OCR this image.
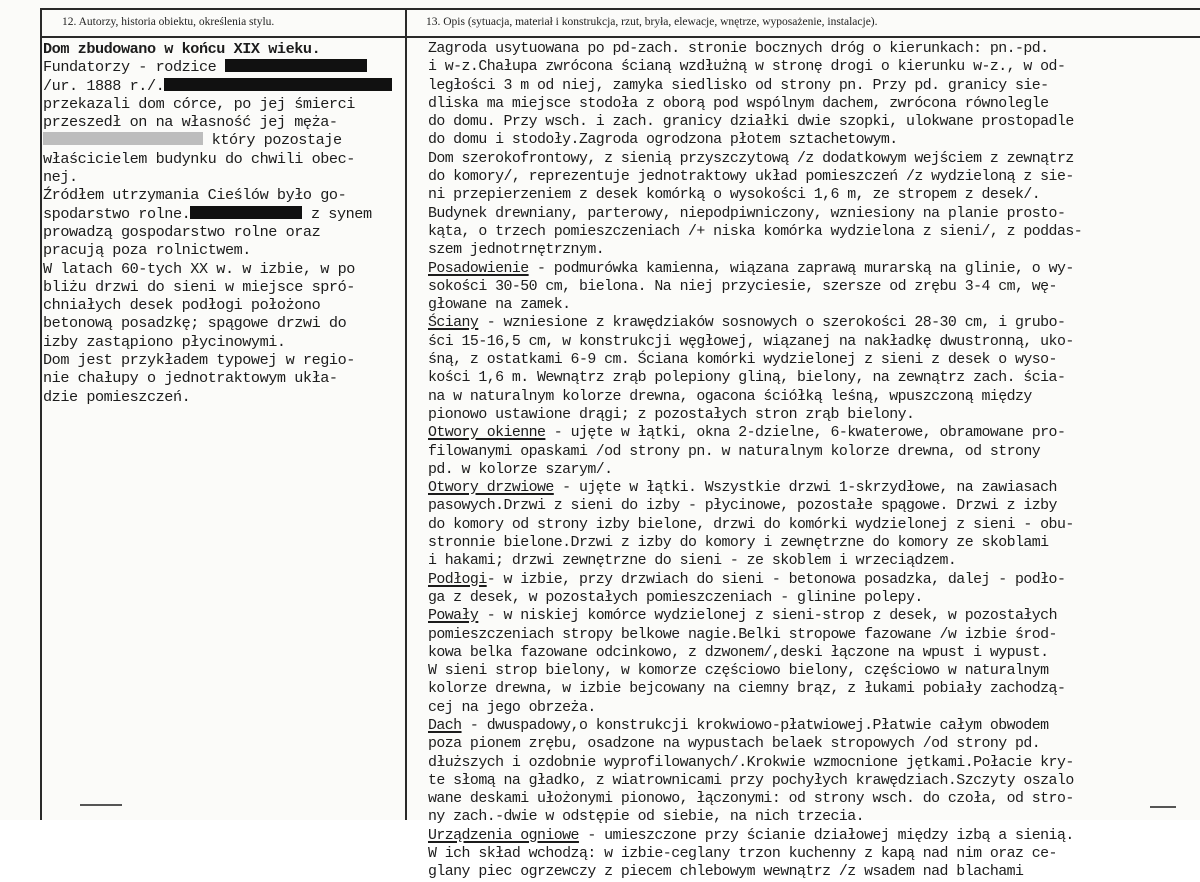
12. Autorzy, historia obiektu, określenia stylu.	13. Opis (sytuacja, materiał i konstrukcja, rzut, bryła, elewacje, wnętrze, wyposażenie, instalacje).
Dom zbudowano w końcu XIX wieku.
Fundatorzy - rodzice
/ur. 1888 r./.
przekazali dom córce, po jej śmierci
przeszedł on na własność jej męża-
który pozostaje
właścicielem budynku do chwili obec-
nej.
Źródłem utrzymania Cieślów było go-
spodarstwo rolne.	z synem
prowadzą gospodarstwo rolne oraz
pracują poza rolnictwem.
W latach 60-tych XX w. w izbie, w po
bliżu drzwi do sieni w miejsce spró-
chniałych desek podłogi położono
betonową posadzkę; spągowe drzwi do
izby zastąpiono płycinowymi.
Dom jest przykładem typowej w regio-
nie chałupy o jednotraktowym ukła-
dzie pomieszczeń.
Zagroda usytuowana po pd-zach. stronie bocznych dróg o kierunkach: pn.-pd.
i w-z.Chałupa zwrócona ścianą wzdłużną w stronę drogi o kierunku w-z., w od-
ległości 3 m od niej, zamyka siedlisko od strony pn. Przy pd. granicy sie-
dliska ma miejsce stodoła z oborą pod wspólnym dachem, zwrócona równolegle
do domu. Przy wsch. i zach. granicy działki dwie szopki, ulokwane prostopadle
do domu i stodoły.Zagroda ogrodzona płotem sztachetowym.
Dom szerokofrontowy, z sienią przyszczytową /z dodatkowym wejściem z zewnątrz
do komory/, reprezentuje jednotraktowy układ pomieszczeń /z wydzieloną z sie-
ni przepierzeniem z desek komórką o wysokości 1,6 m, ze stropem z desek/.
Budynek drewniany, parterowy, niepodpiwniczony, wzniesiony na planie prosto-
kąta, o trzech pomieszczeniach /+ niska komórka wydzielona z sieni/, z poddas-
szem jednotrnętrznym.
Posadowienie - podmurówka kamienna, wiązana zaprawą murarską na glinie, o wy-
sokości 30-50 cm, bielona. Na niej przyciesie, szersze od zrębu 3-4 cm, wę-
głowane na zamek.
Ściany - wzniesione z krawędziaków sosnowych o szerokości 28-30 cm, i grubo-
ści 15-16,5 cm, w konstrukcji węgłowej, wiązanej na nakładkę dwustronną, uko-
śną, z ostatkami 6-9 cm. Ściana komórki wydzielonej z sieni z desek o wyso-
kości 1,6 m. Wewnątrz zrąb polepiony gliną, bielony, na zewnątrz zach. ścia-
na w naturalnym kolorze drewna, ogacona ściółką leśną, wpuszczoną między
pionowo ustawione drągi; z pozostałych stron zrąb bielony.
Otwory okienne - ujęte w łątki, okna 2-dzielne, 6-kwaterowe, obramowane pro-
filowanymi opaskami /od strony pn. w naturalnym kolorze drewna, od strony
pd. w kolorze szarym/.
Otwory drzwiowe - ujęte w łątki. Wszystkie drzwi 1-skrzydłowe, na zawiasach
pasowych.Drzwi z sieni do izby - płycinowe, pozostałe spągowe. Drzwi z izby
do komory od strony izby bielone, drzwi do komórki wydzielonej z sieni - obu-
stronnie bielone.Drzwi z izby do komory i zewnętrzne do komory ze skoblami
i hakami; drzwi zewnętrzne do sieni - ze skoblem i wrzeciądzem.
Podłogi- w izbie, przy drzwiach do sieni - betonowa posadzka, dalej - podło-
ga z desek, w pozostałych pomieszczeniach - glinine polepy.
Powały - w niskiej komórce wydzielonej z sieni-strop z desek, w pozostałych
pomieszczeniach stropy belkowe nagie.Belki stropowe fazowane /w izbie środ-
kowa belka fazowane odcinkowo, z dzwonem/,deski łączone na wpust i wypust.
W sieni strop bielony, w komorze częściowo bielony, częściowo w naturalnym
kolorze drewna, w izbie bejcowany na ciemny brąz, z łukami pobiały zachodzą-
cej na jego obrzeża.
Dach - dwuspadowy,o konstrukcji krokwiowo-płatwiowej.Płatwie całym obwodem
poza pionem zrębu, osadzone na wypustach belaek stropowych /od strony pd.
dłuższych i ozdobnie wyprofilowanych/.Krokwie wzmocnione jętkami.Połacie kry-
te słomą na gładko, z wiatrownicami przy pochyłych krawędziach.Szczyty oszalo
wane deskami ułożonymi pionowo, łączonymi: od strony wsch. do czoła, od stro-
ny zach.-dwie w odstępie od siebie, na nich trzecia.
Urządzenia ogniowe - umieszczone przy ścianie działowej między izbą a sienią.
W ich skład wchodzą: w izbie-ceglany trzon kuchenny z kapą nad nim oraz ce-
glany piec ogrzewczy z piecem chlebowym wewnątrz /z wsadem nad blachami
